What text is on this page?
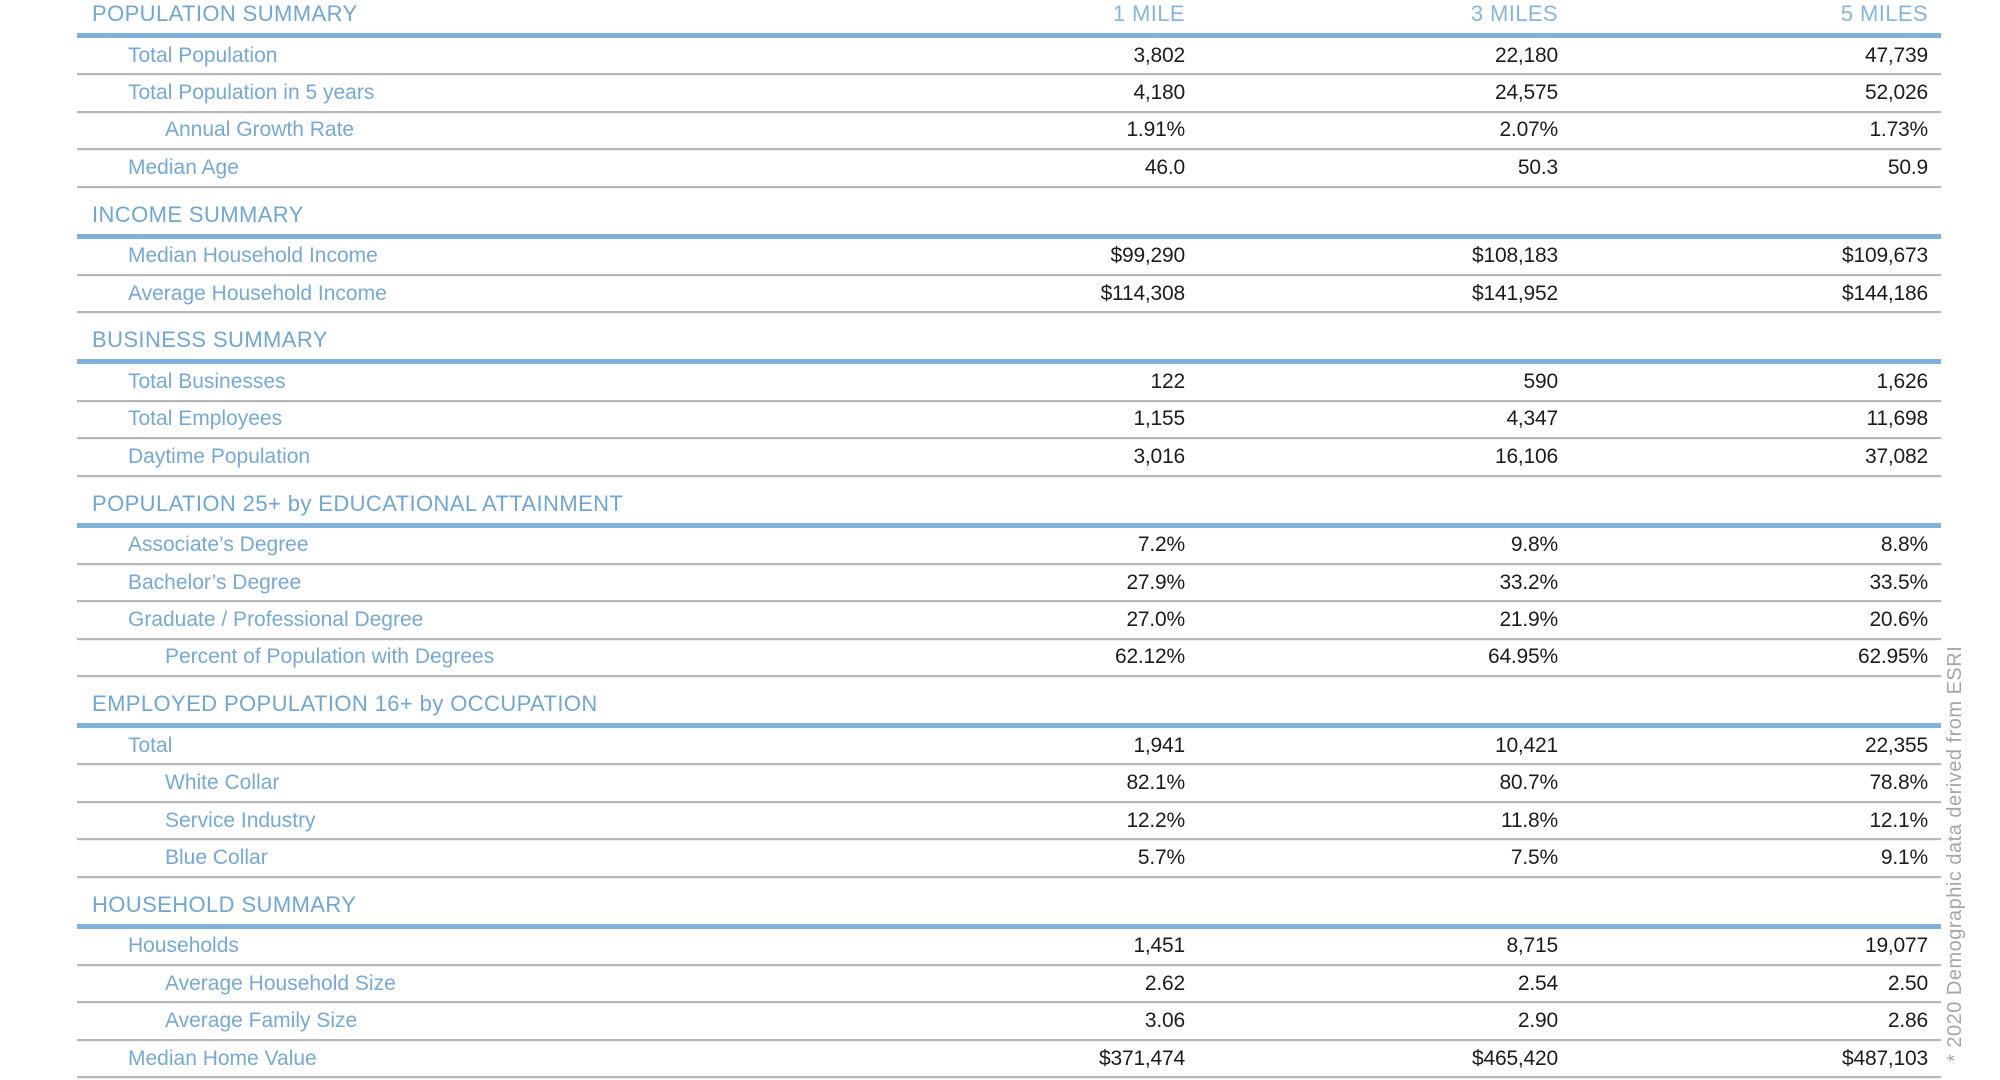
POPULATION SUMMARY	1 MILE	3 MILES	5 MILES
Total Population	3,802	22,180	47,739
Total Population in 5 years	4,180	24,575	52,026
Annual Growth Rate	1.91%	2.07%	1.73%
Median Age	46.0	50.3	50.9
INCOME SUMMARY
Median Household Income	$99,290	$108,183	$109,673
Average Household Income	$114,308	$141,952	$144,186
BUSINESS SUMMARY
Total Businesses	122	590	1,626
Total Employees	1,155	4,347	11,698
Daytime Population	3,016	16,106	37,082
POPULATION 25+ by EDUCATIONAL ATTAINMENT
Associate’s Degree	7.2%	9.8%	8.8%
Bachelor’s Degree	27.9%	33.2%	33.5%
Graduate / Professional Degree	27.0%	21.9%	20.6%
Percent of Population with Degrees	62.12%	64.95%	62.95%
EMPLOYED POPULATION 16+ by OCCUPATION
Total	1,941	10,421	22,355
White Collar	82.1%	80.7%	78.8%
Service Industry	12.2%	11.8%	12.1%
Blue Collar	5.7%	7.5%	9.1%
HOUSEHOLD SUMMARY
Households	1,451	8,715	19,077
Average Household Size	2.62	2.54	2.50
Average Family Size	3.06	2.90	2.86
Median Home Value	$371,474	$465,420	$487,103 * 2020 Demographic data derived from ESRI
